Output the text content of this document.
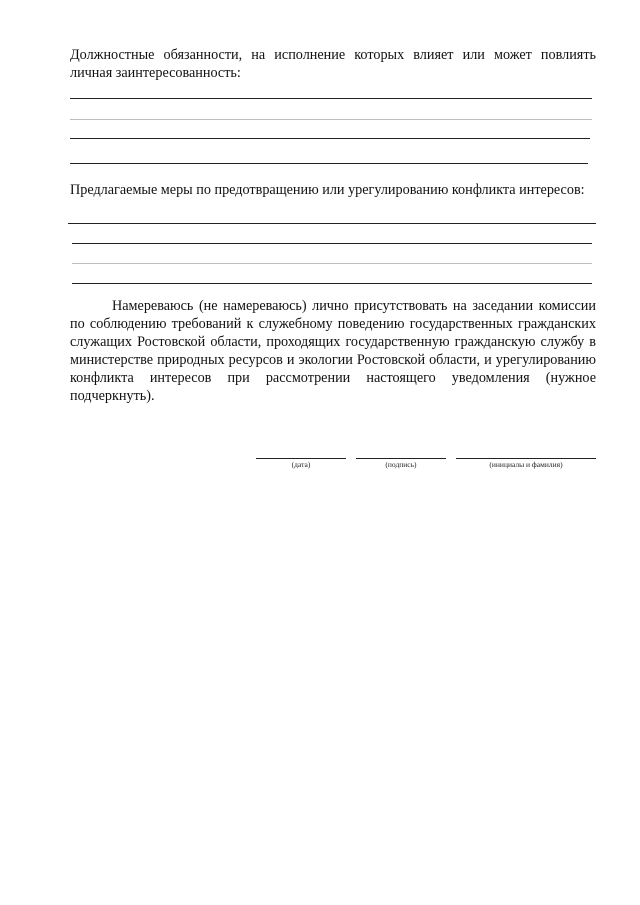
Должностные обязанности, на исполнение которых влияет или может повлиять личная заинтересованность:

Предлагаемые меры по предотвращению или урегулированию конфликта интересов:

Намереваюсь (не намереваюсь) лично присутствовать на заседании комиссии по соблюдению требований к служебному поведению государственных гражданских служащих Ростовской области, проходящих государственную гражданскую службу в министерстве природных ресурсов и экологии Ростовской области, и урегулированию конфликта интересов при рассмотрении настоящего уведомления (нужное подчеркнуть).

(дата)	(подпись)	(инициалы и фамилия)
